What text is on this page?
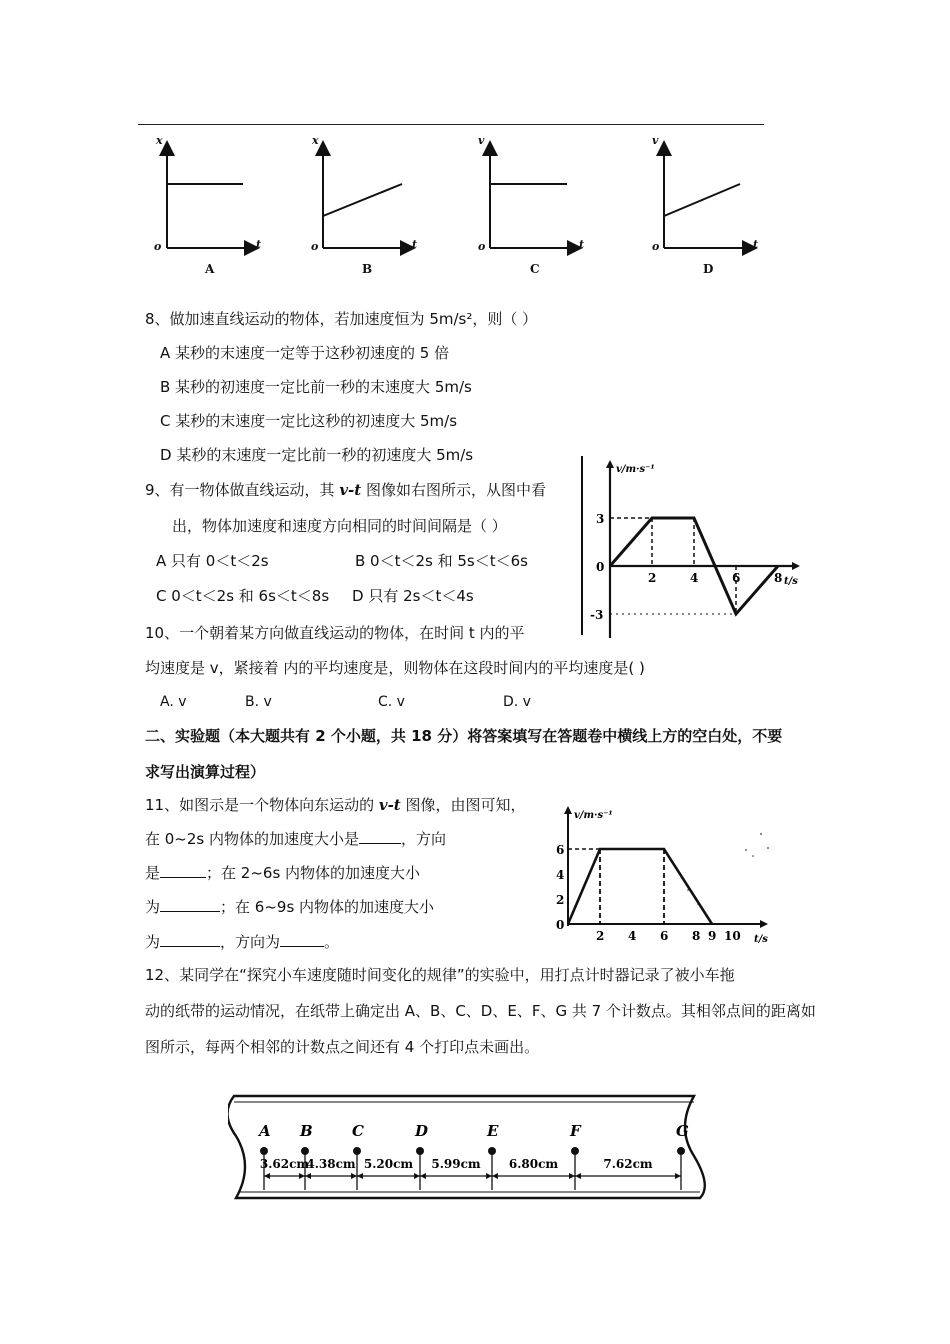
x
t
o
A
x
t
o
B
v
t
o
C
v
t
o
D
8、做加速直线运动的物体，若加速度恒为 5m/s²，则（ ）
A 某秒的末速度一定等于这秒初速度的 5 倍
B 某秒的初速度一定比前一秒的末速度大 5m/s
C 某秒的末速度一定比这秒的初速度大 5m/s
D 某秒的末速度一定比前一秒的初速度大 5m/s
9、有一物体做直线运动，其 v-t 图像如右图所示，从图中看
出，物体加速度和速度方向相同的时间间隔是（ ）
A 只有 0＜t＜2s	B 0＜t＜2s 和 5s＜t＜6s
C 0＜t＜2s 和 6s＜t＜8s D 只有 2s＜t＜4s
v/m·s⁻¹
t/s
2	4	6	8
3
0
-3
10、一个朝着某方向做直线运动的物体，在时间 t 内的平
均速度是 v，紧接着 内的平均速度是，则物体在这段时间内的平均速度是( )
A. v	B. v	C. v	D. v
二、实验题（本大题共有 2 个小题，共 18 分）将答案填写在答题卷中横线上方的空白处，不要
求写出演算过程）
11、如图示是一个物体向东运动的 v-t 图像，由图可知，
在 0~2s 内物体的加速度大小是	，方向
是	；在 2~6s 内物体的加速度大小
为	；在 6~9s 内物体的加速度大小
为	，方向为	。
v/m·s⁻¹
t/s
2 4 6 8 9 10
6
4
2
0
12、某同学在“探究小车速度随时间变化的规律”的实验中，用打点计时器记录了被小车拖
动的纸带的运动情况，在纸带上确定出 A、B、C、D、E、F、G 共 7 个计数点。其相邻点间的距离如
图所示，每两个相邻的计数点之间还有 4 个打印点未画出。
A B	C	D	E	F	G
3.62cm
4.38cm 5.20cm 5.99cm 6.80cm	7.62cm
